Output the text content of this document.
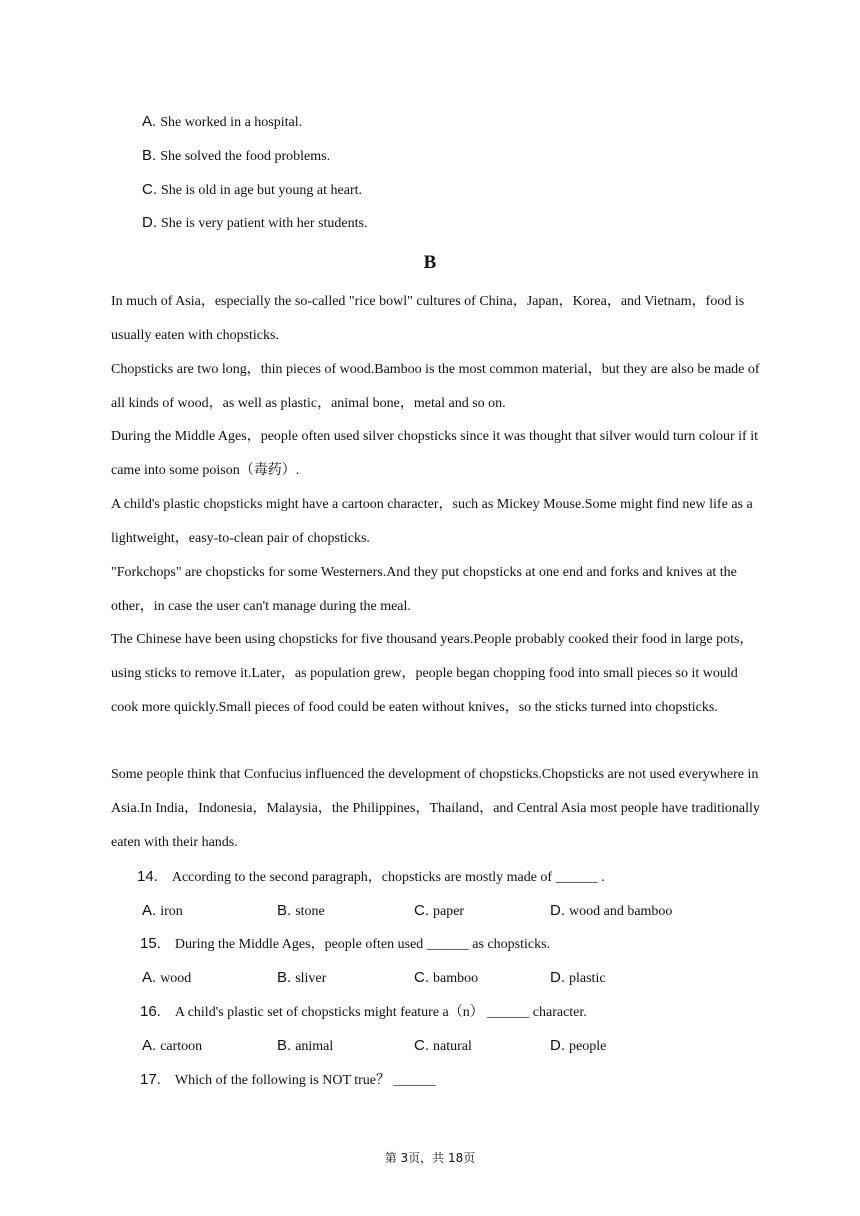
A. She worked in a hospital.
B. She solved the food problems.
C. She is old in age but young at heart.
D. She is very patient with her students.
B
In much of Asia，especially the so-called "rice bowl" cultures of China，Japan，Korea，and Vietnam，food is usually eaten with chopsticks.
Chopsticks are two long，thin pieces of wood.Bamboo is the most common material，but they are also be made of all kinds of wood，as well as plastic，animal bone，metal and so on.
During the Middle Ages，people often used silver chopsticks since it was thought that silver would turn colour if it came into some poison（毒药）.
A child's plastic chopsticks might have a cartoon character，such as Mickey Mouse.Some might find new life as a lightweight，easy-to-clean pair of chopsticks.
"Forkchops" are chopsticks for some Westerners.And they put chopsticks at one end and forks and knives at the other，in case the user can't manage during the meal.
The Chinese have been using chopsticks for five thousand years.People probably cooked their food in large pots，using sticks to remove it.Later，as population grew，people began chopping food into small pieces so it would cook more quickly.Small pieces of food could be eaten without knives，so the sticks turned into chopsticks.
Some people think that Confucius influenced the development of chopsticks.Chopsticks are not used everywhere in Asia.In India，Indonesia，Malaysia，the Philippines，Thailand，and Central Asia most people have traditionally eaten with their hands.
14. According to the second paragraph，chopsticks are mostly made of ______ .
A. iron	B. stone	C. paper	D. wood and bamboo
15. During the Middle Ages，people often used ______ as chopsticks.
A. wood	B. sliver	C. bamboo	D. plastic
16. A child's plastic set of chopsticks might feature a（n） ______ character.
A. cartoon	B. animal	C. natural	D. people
17. Which of the following is NOT true？ ______
第 3页，共 18页
